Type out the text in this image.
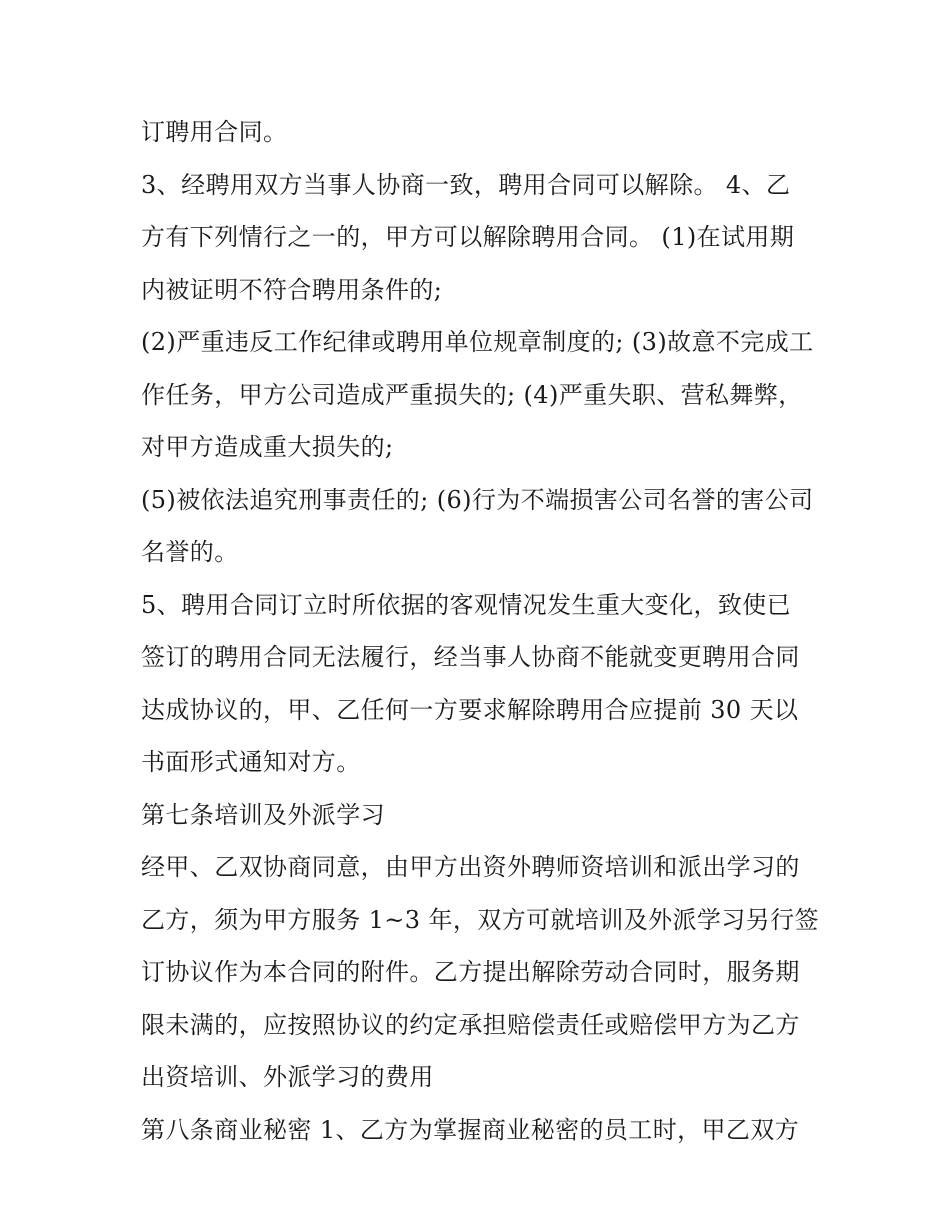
订聘用合同。
3、经聘用双方当事人协商一致，聘用合同可以解除。 4、乙
方有下列情行之一的，甲方可以解除聘用合同。 (1)在试用期
内被证明不符合聘用条件的;
(2)严重违反工作纪律或聘用单位规章制度的; (3)故意不完成工
作任务，甲方公司造成严重损失的; (4)严重失职、营私舞弊，
对甲方造成重大损失的;
(5)被依法追究刑事责任的; (6)行为不端损害公司名誉的害公司
名誉的。
5、聘用合同订立时所依据的客观情况发生重大变化，致使已
签订的聘用合同无法履行，经当事人协商不能就变更聘用合同
达成协议的，甲、乙任何一方要求解除聘用合应提前 30 天以
书面形式通知对方。
第七条培训及外派学习
经甲、乙双协商同意，由甲方出资外聘师资培训和派出学习的
乙方，须为甲方服务 1~3 年，双方可就培训及外派学习另行签
订协议作为本合同的附件。乙方提出解除劳动合同时，服务期
限未满的，应按照协议的约定承担赔偿责任或赔偿甲方为乙方
出资培训、外派学习的费用
第八条商业秘密 1、乙方为掌握商业秘密的员工时，甲乙双方
